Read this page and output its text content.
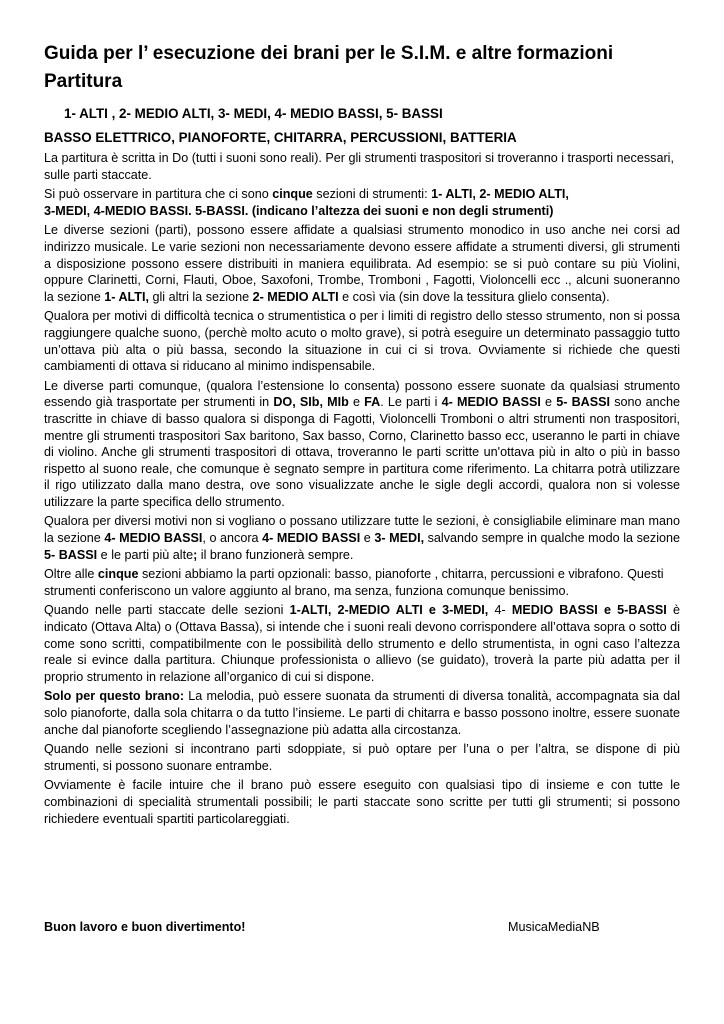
Guida per l’ esecuzione dei brani per le S.I.M. e altre formazioni
Partitura
1- ALTI , 2- MEDIO ALTI, 3- MEDI, 4- MEDIO BASSI, 5- BASSI
BASSO ELETTRICO, PIANOFORTE, CHITARRA, PERCUSSIONI, BATTERIA

La partitura è scritta in Do (tutti i suoni sono reali). Per gli strumenti traspositori si troveranno i trasporti necessari, sulle parti staccate.

Si può osservare in partitura che ci sono cinque sezioni di strumenti: 1- ALTI, 2- MEDIO ALTI,
3-MEDI, 4-MEDIO BASSI. 5-BASSI. (indicano l’altezza dei suoni e non degli strumenti)

Le diverse sezioni (parti), possono essere affidate a qualsiasi strumento monodico in uso anche nei corsi ad indirizzo musicale. Le varie sezioni non necessariamente devono essere affidate a strumenti diversi, gli strumenti a disposizione possono essere distribuiti in maniera equilibrata. Ad esempio: se si può contare su più Violini, oppure Clarinetti, Corni, Flauti, Oboe, Saxofoni, Trombe, Tromboni , Fagotti, Violoncelli ecc ., alcuni suoneranno la sezione 1- ALTI, gli altri la sezione 2- MEDIO ALTI e così via (sin dove la tessitura glielo consenta).

Qualora per motivi di difficoltà tecnica o strumentistica o per i limiti di registro dello stesso strumento, non si possa raggiungere qualche suono, (perchè molto acuto o molto grave), si potrà eseguire un determinato passaggio tutto un’ottava più alta o più bassa, secondo la situazione in cui ci si trova. Ovviamente si richiede che questi cambiamenti di ottava si riducano al minimo indispensabile.

Le diverse parti comunque, (qualora l’estensione lo consenta) possono essere suonate da qualsiasi strumento essendo già trasportate per strumenti in DO, SIb, MIb e FA. Le parti i 4- MEDIO BASSI e 5- BASSI sono anche trascritte in chiave di basso qualora si disponga di Fagotti, Violoncelli Tromboni o altri strumenti non traspositori, mentre gli strumenti traspositori Sax baritono, Sax basso, Corno, Clarinetto basso ecc, useranno le parti in chiave di violino. Anche gli strumenti traspositori di ottava, troveranno le parti scritte un'ottava più in alto o più in basso rispetto al suono reale, che comunque è segnato sempre in partitura come riferimento. La chitarra potrà utilizzare il rigo utilizzato dalla mano destra, ove sono visualizzate anche le sigle degli accordi, qualora non si volesse utilizzare la parte specifica dello strumento.

Qualora per diversi motivi non si vogliano o possano utilizzare tutte le sezioni, è consigliabile eliminare man mano la sezione 4- MEDIO BASSI, o ancora 4- MEDIO BASSI e 3- MEDI, salvando sempre in qualche modo la sezione 5- BASSI e le parti più alte; il brano funzionerà sempre.

Oltre alle cinque sezioni abbiamo la parti opzionali: basso, pianoforte , chitarra, percussioni e vibrafono. Questi strumenti conferiscono un valore aggiunto al brano, ma senza, funziona comunque benissimo.

Quando nelle parti staccate delle sezioni 1-ALTI, 2-MEDIO ALTI e 3-MEDI, 4- MEDIO BASSI e 5-BASSI è indicato (Ottava Alta) o (Ottava Bassa), si intende che i suoni reali devono corrispondere all’ottava sopra o sotto di come sono scritti, compatibilmente con le possibilità dello strumento e dello strumentista, in ogni caso l’altezza reale si evince dalla partitura. Chiunque professionista o allievo (se guidato), troverà la parte più adatta per il proprio strumento in relazione all’organico di cui si dispone.

Solo per questo brano: La melodia, può essere suonata da strumenti di diversa tonalità, accompagnata sia dal solo pianoforte, dalla sola chitarra o da tutto l’insieme. Le parti di chitarra e basso possono inoltre, essere suonate anche dal pianoforte scegliendo l’assegnazione più adatta alla circostanza.

Quando nelle sezioni si incontrano parti sdoppiate, si può optare per l’una o per l’altra, se dispone di più strumenti, si possono suonare entrambe.

Ovviamente è facile intuire che il brano può essere eseguito con qualsiasi tipo di insieme e con tutte le combinazioni di specialità strumentali possibili; le parti staccate sono scritte per tutti gli strumenti; si possono richiedere eventuali spartiti particolareggiati.

Buon lavoro e buon divertimento!	MusicaMediaNB
